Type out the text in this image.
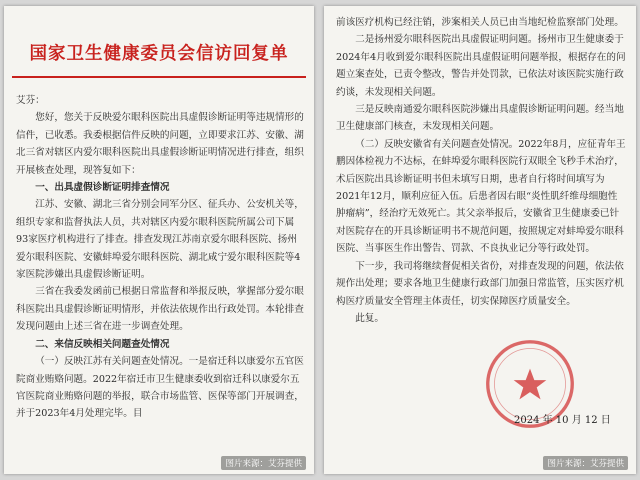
国家卫生健康委员会信访回复单

艾芬：

您好，您关于反映爱尔眼科医院出具虚假诊断证明等违规情形的信件，已收悉。我委根据信件反映的问题，立即要求江苏、安徽、湖北三省对辖区内爱尔眼科医院出具虚假诊断证明情况进行排查，组织开展核查处理，现答复如下：

一、出具虚假诊断证明排查情况

江苏、安徽、湖北三省分别会同军分区、征兵办、公安机关等，组织专家和监督执法人员，共对辖区内爱尔眼科医院所属公司下属93家医疗机构进行了排查。排查发现江苏南京爱尔眼科医院、扬州爱尔眼科医院、安徽蚌埠爱尔眼科医院、湖北咸宁爱尔眼科医院等4家医院涉嫌出具虚假诊断证明。

三省在我委发函前已根据日常监督和举报反映，掌握部分爱尔眼科医院出具虚假诊断证明情形，并依法依规作出行政处罚。本轮排查发现问题由上述三省在进一步调查处理。

二、来信反映相关问题查处情况

（一）反映江苏有关问题查处情况。一是宿迁科以康爱尔五官医院商业贿赂问题。2022年宿迁市卫生健康委收到宿迁科以康爱尔五官医院商业贿赂问题的举报，联合市场监管、医保等部门开展调查，并于2023年4月处理完毕。目

图片来源：艾芬提供

前该医疗机构已经注销，涉案相关人员已由当地纪检监察部门处理。

二是扬州爱尔眼科医院出具虚假证明问题。扬州市卫生健康委于2024年4月收到爱尔眼科医院出具虚假证明问题举报，根据存在的问题立案查处，已责令整改，警告并处罚款，已依法对该医院实施行政约谈，未发现相关问题。

三是反映南通爱尔眼科医院涉嫌出具虚假诊断证明问题。经当地卫生健康部门核查，未发现相关问题。

（二）反映安徽省有关问题查处情况。2022年8月，应征青年王鹏因体检视力不达标，在蚌埠爱尔眼科医院行双眼全飞秒手术治疗，术后医院出具诊断证明书但未填写日期，患者自行将时间填写为2021年12月，顺利应征入伍。后患者因右眼“炎性肌纤维母细胞性肿瘤病”，经治疗无效死亡。其父亲举报后，安徽省卫生健康委已针对医院存在的开具诊断证明书不规范问题，按照规定对蚌埠爱尔眼科医院、当事医生作出警告、罚款、不良执业记分等行政处罚。

下一步，我司将继续督促相关省份，对排查发现的问题，依法依规作出处理；要求各地卫生健康行政部门加强日常监管，压实医疗机构医疗质量安全管理主体责任，切实保障医疗质量安全。

此复。

2024 年 10 月 12 日
图片来源：艾芬提供
